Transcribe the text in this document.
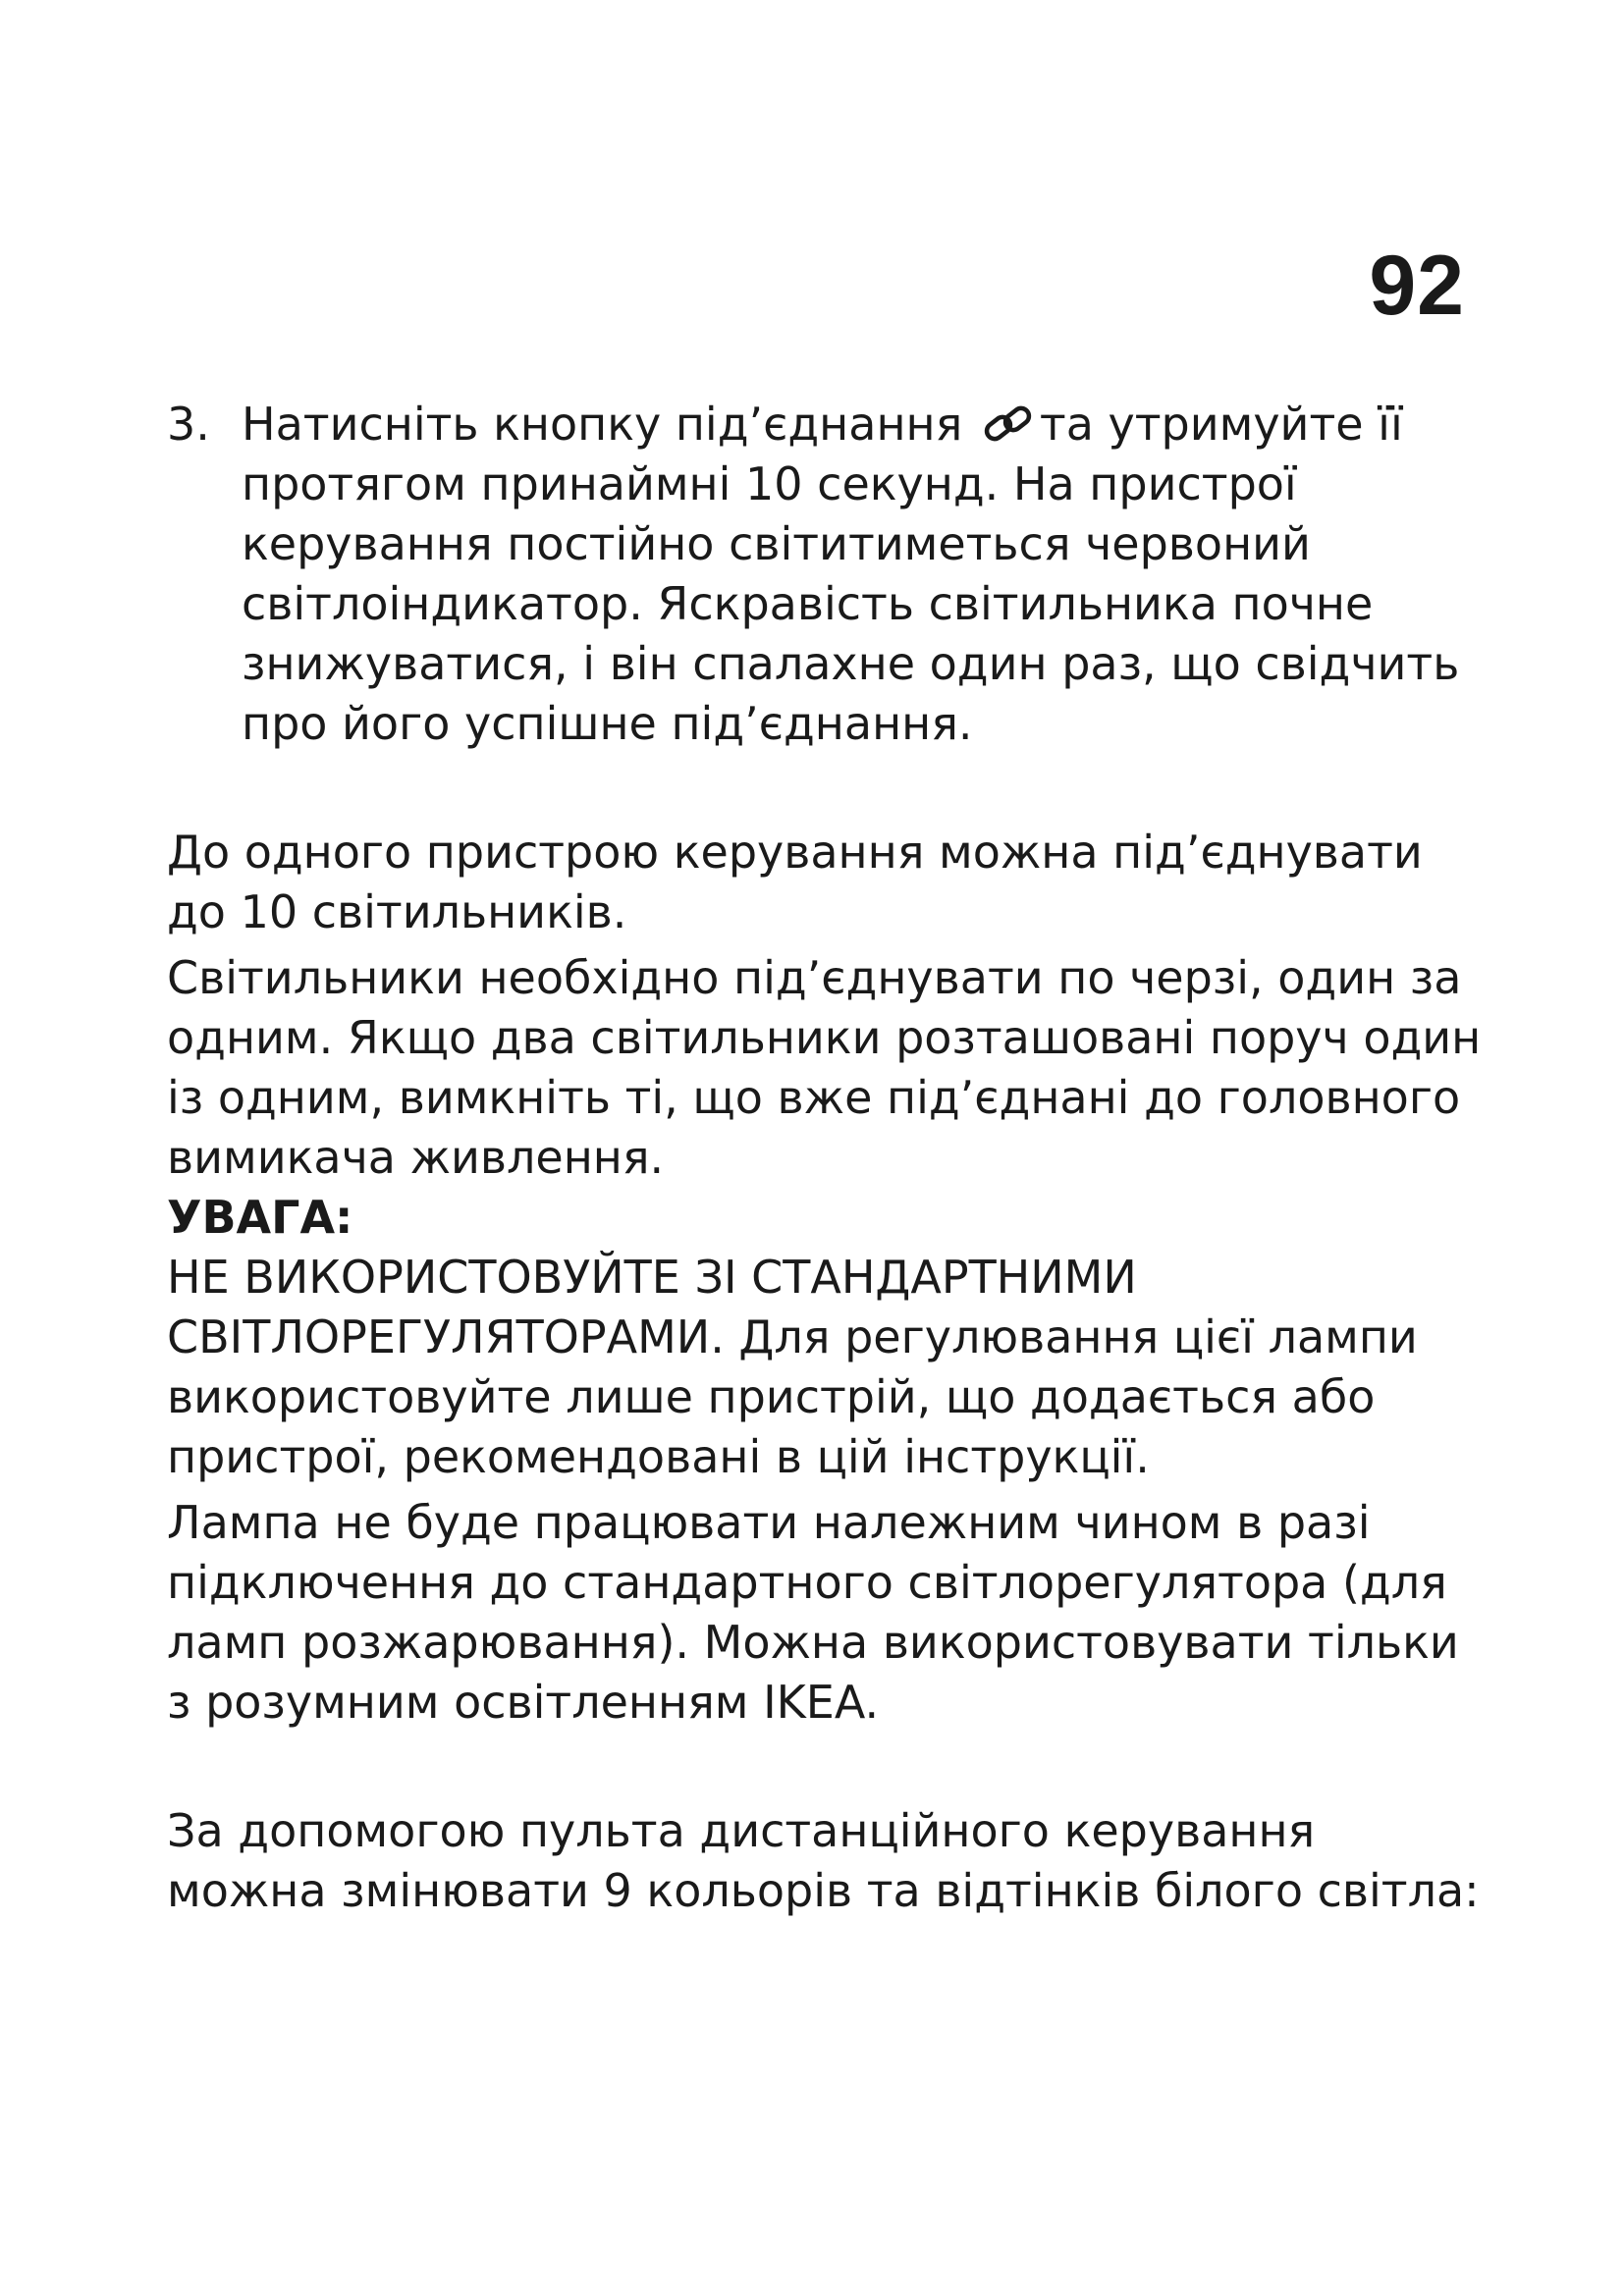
92
3. Натисніть кнопку під’єднання та утримуйте її протягом принаймні 10 секунд. На пристрої керування постійно світитиметься червоний світлоіндикатор. Яскравість світильника почне знижуватися, і він спалахне один раз, що свідчить про його успішне під’єднання.

До одного пристрою керування можна під’єднувати до 10 світильників.

Світильники необхідно під’єднувати по черзі, один за одним. Якщо два світильники розташовані поруч один із одним, вимкніть ті, що вже під’єднані до головного вимикача живлення.

УВАГА:

НЕ ВИКОРИСТОВУЙТЕ ЗІ СТАНДАРТНИМИ СВІТЛОРЕГУЛЯТОРАМИ. Для регулювання цієї лампи використовуйте лише пристрій, що додається або пристрої, рекомендовані в цій інструкції.

Лампа не буде працювати належним чином в разі підключення до стандартного світлорегулятора (для ламп розжарювання). Можна використовувати тільки з розумним освітленням IKEA.

За допомогою пульта дистанційного керування можна змінювати 9 кольорів та відтінків білого світла:
